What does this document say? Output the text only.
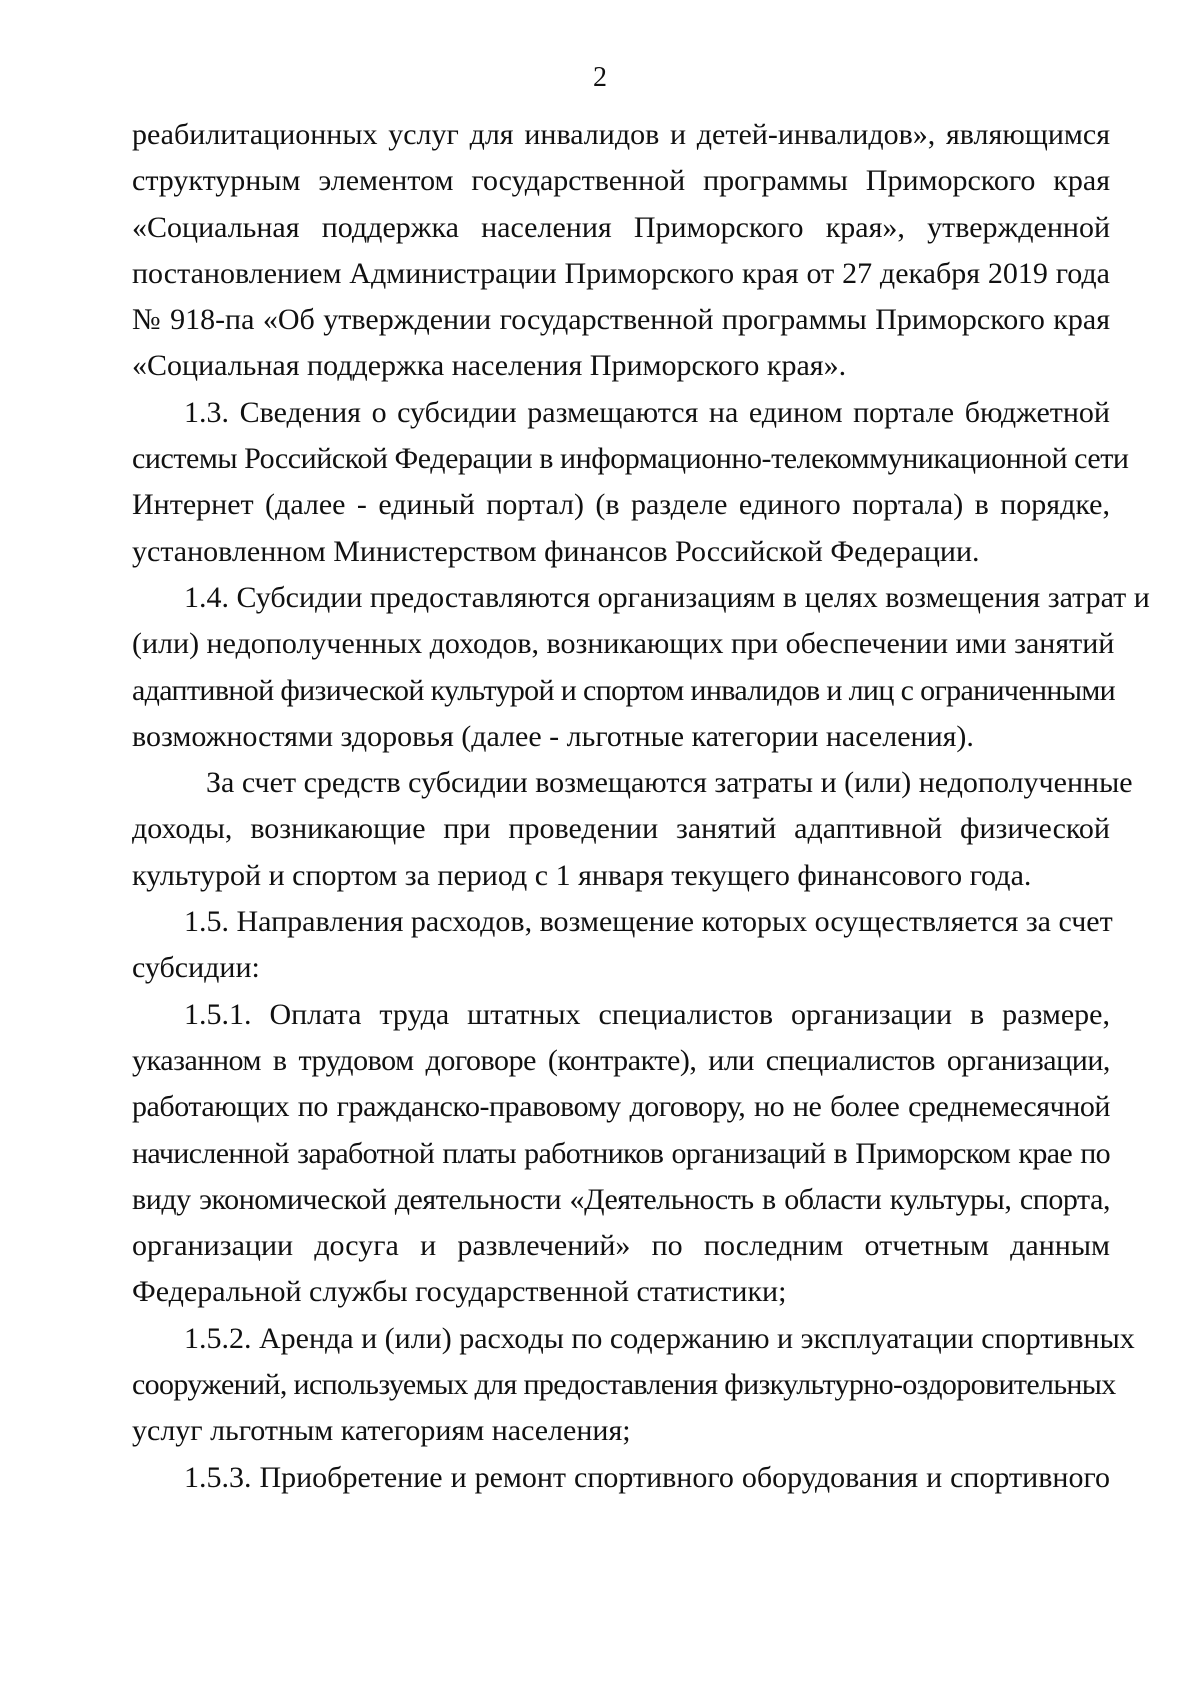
2
реабилитационных услуг для инвалидов и детей-инвалидов», являющимся
структурным элементом государственной программы Приморского края
«Социальная поддержка населения Приморского края», утвержденной
постановлением Администрации Приморского края от 27 декабря 2019 года
№ 918-па «Об утверждении государственной программы Приморского края
«Социальная поддержка населения Приморского края».
1.3. Сведения о субсидии размещаются на едином портале бюджетной
системы Российской Федерации в информационно-телекоммуникационной сети
Интернет (далее - единый портал) (в разделе единого портала) в порядке,
установленном Министерством финансов Российской Федерации.
1.4. Субсидии предоставляются организациям в целях возмещения затрат и
(или) недополученных доходов, возникающих при обеспечении ими занятий
адаптивной физической культурой и спортом инвалидов и лиц с ограниченными
возможностями здоровья (далее - льготные категории населения).
За счет средств субсидии возмещаются затраты и (или) недополученные
доходы, возникающие при проведении занятий адаптивной физической
культурой и спортом за период с 1 января текущего финансового года.
1.5. Направления расходов, возмещение которых осуществляется за счет
субсидии:
1.5.1. Оплата труда штатных специалистов организации в размере,
указанном в трудовом договоре (контракте), или специалистов организации,
работающих по гражданско-правовому договору, но не более среднемесячной
начисленной заработной платы работников организаций в Приморском крае по
виду экономической деятельности «Деятельность в области культуры, спорта,
организации досуга и развлечений» по последним отчетным данным
Федеральной службы государственной статистики;
1.5.2. Аренда и (или) расходы по содержанию и эксплуатации спортивных
сооружений, используемых для предоставления физкультурно-оздоровительных
услуг льготным категориям населения;
1.5.3. Приобретение и ремонт спортивного оборудования и спортивного
